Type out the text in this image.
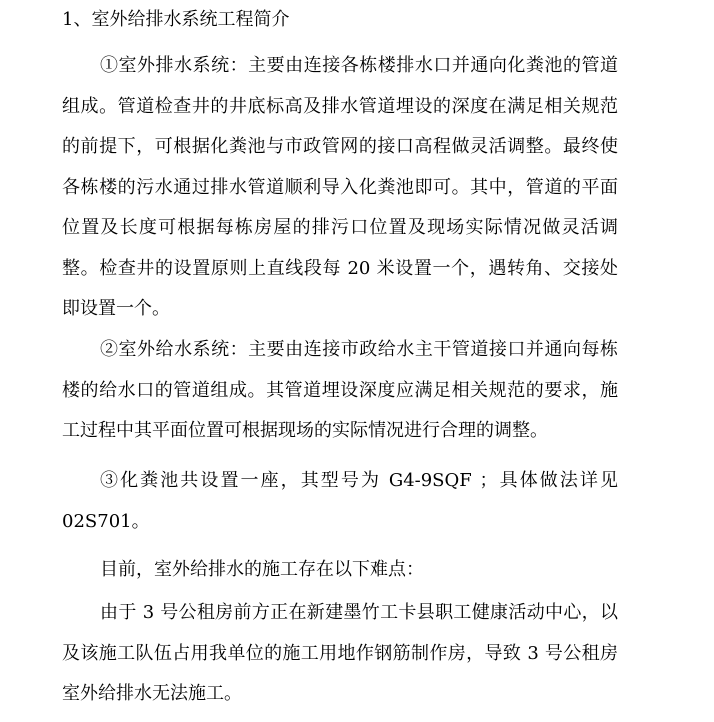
1、室外给排水系统工程简介
①室外排水系统：主要由连接各栋楼排水口并通向化粪池的管道
组成。管道检查井的井底标高及排水管道埋设的深度在满足相关规范
的前提下，可根据化粪池与市政管网的接口高程做灵活调整。最终使
各栋楼的污水通过排水管道顺利导入化粪池即可。其中，管道的平面
位置及长度可根据每栋房屋的排污口位置及现场实际情况做灵活调
整。检查井的设置原则上直线段每 20 米设置一个，遇转角、交接处
即设置一个。
②室外给水系统：主要由连接市政给水主干管道接口并通向每栋
楼的给水口的管道组成。其管道埋设深度应满足相关规范的要求，施
工过程中其平面位置可根据现场的实际情况进行合理的调整。
③化粪池共设置一座，其型号为 G4-9SQF ；具体做法详见
02S701。
目前，室外给排水的施工存在以下难点：
由于 3 号公租房前方正在新建墨竹工卡县职工健康活动中心，以
及该施工队伍占用我单位的施工用地作钢筋制作房，导致 3 号公租房
室外给排水无法施工。
